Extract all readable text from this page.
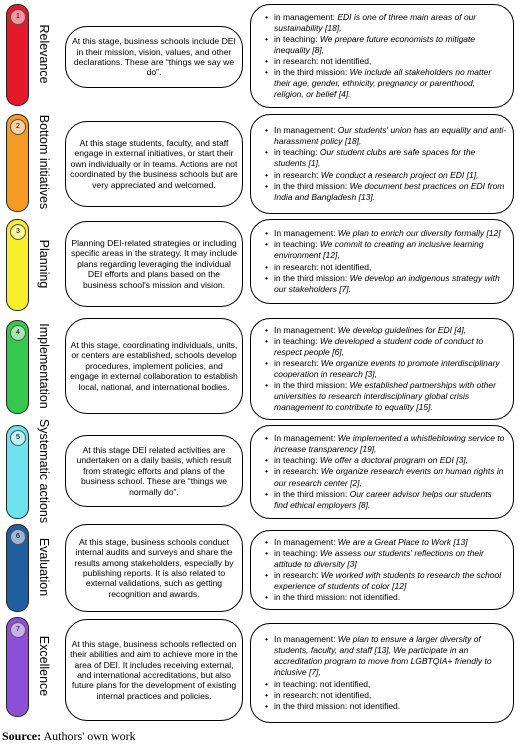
1
Relevance	At this stage, business schools include DEI in their mission, vision, values, and other declarations. These are “things we say we do”.

• in management: EDI is one of three main areas of our sustainability [18],

• in teaching: We prepare future economists to mitigate inequality [8],

• in research: not identified,

• in the third mission: We include all stakeholders no matter their age, gender, ethnicity, pregnancy or parenthood, religion, or belief [4].

2	Bottom initiatives	At this stage students, faculty, and staff engage in external initiatives, or start their own individually or in teams. Actions are not coordinated by the business schools but are very appreciated and welcomed.

• In management: Our students' union has an equality and anti-harassment policy [18],

• in teaching: Our student clubs are safe spaces for the students [1],

• in research: We conduct a research project on EDI [1],

• in the third mission: We document best practices on EDI from India and Bangladesh [13].

3
Planning	Planning DEI-related strategies or including specific areas in the strategy. It may include plans regarding leveraging the individual DEI efforts and plans based on the business school's mission and vision.

• In management: We plan to enrich our diversity formally [12]

• in teaching: We commit to creating an inclusive learning environment [12],

• in research: not identified,

• in the third mission: We develop an indigenous strategy with our stakeholders [7].

4	Implementation	At this stage, coordinating individuals, units, or centers are established, schools develop procedures, implement policies, and engage in external collaboration to establish local, national, and international bodies.

• In management: We develop guidelines for EDI [4],

• in teaching: We developed a student code of conduct to respect people [6],

• in research: We organize events to promote interdisciplinary cooperation in research [3],

• in the third mission: We established partnerships with other universities to research interdisciplinary global crisis management to contribute to equality [15].

5	Systematic actions	At this stage DEI related activities are undertaken on a daily basis, which result from strategic efforts and plans of the business school. These are “things we normally do”.

• In management: We implemented a whistleblowing service to increase transparency [19],

• in teaching: We offer a doctoral program on EDI [3],

• in research: We organize research events on human rights in our research center [2],

• in the third mission: Our career advisor helps our students find ethical employers [8].

6
Evaluation	At this stage, business schools conduct internal audits and surveys and share the results among stakeholders, especially by publishing reports. It is also related to external validations, such as getting recognition and awards.

• In management: We are a Great Place to Work [13]

• in teaching: We assess our students' reflections on their attitude to diversity [3]

• in research: We worked with students to research the school experience of students of color [12]

• in the third mission: not identified.

7
Excellence	At this stage, business schools reflected on their abilities and aim to achieve more in the area of DEI. It includes receiving external, and international accreditations, but also future plans for the development of existing internal practices and policies.

• In management: We plan to ensure a larger diversity of students, faculty, and staff [13], We participate in an accreditation program to move from LGBTQIA+ friendly to inclusive [7],

• in teaching: not identified,

• in research: not identified,

• in the third mission: not identified.

Source: Authors' own work
